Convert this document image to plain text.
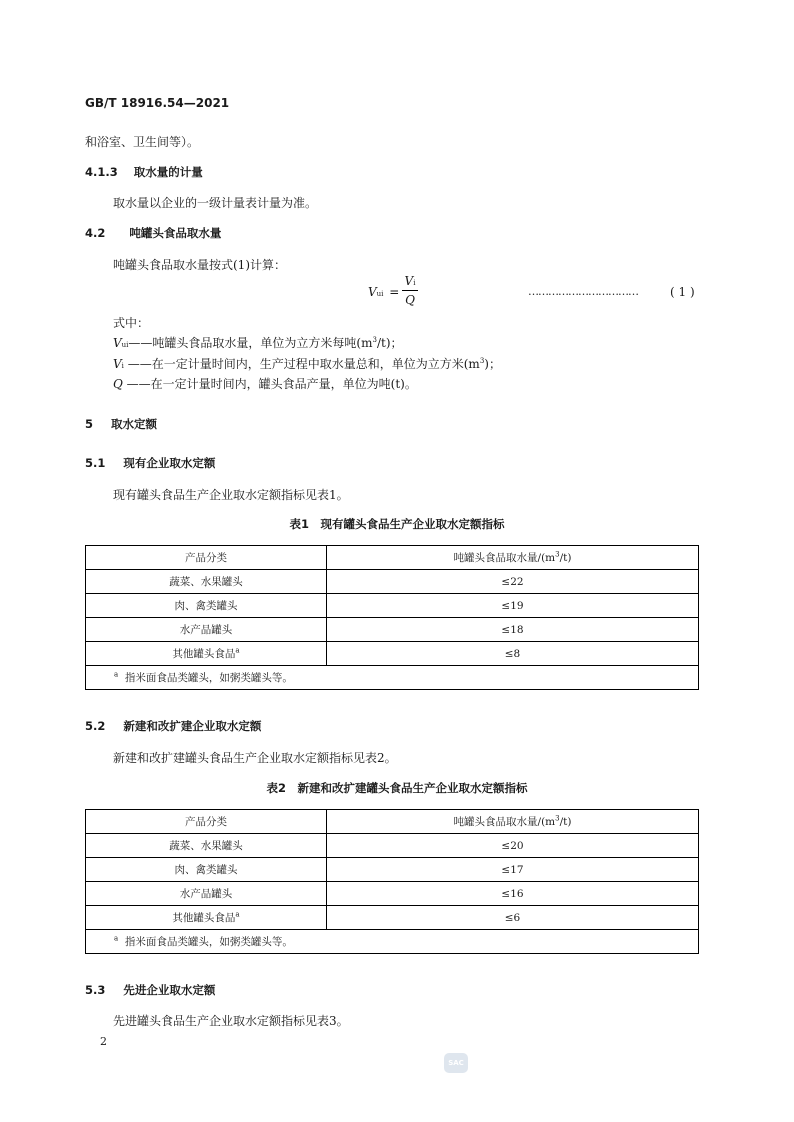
GB/T 18916.54—2021
和浴室、卫生间等）。
4.1.3 取水量的计量
取水量以企业的一级计量表计量为准。
4.2 吨罐头食品取水量
吨罐头食品取水量按式(1)计算：
Vui =
Vi
Q
……………………………	( 1 )
式中：
Vui——吨罐头食品取水量，单位为立方米每吨$(m^3/t)$；
Vi ——在一定计量时间内，生产过程中取水量总和，单位为立方米$(m^3)$；
Q ——在一定计量时间内，罐头食品产量，单位为吨(t)。
5 取水定额
5.1 现有企业取水定额
现有罐头食品生产企业取水定额指标见表1。
表1　现有罐头食品生产企业取水定额指标
产品分类	吨罐头食品取水量$/(m^3/t)$
蔬菜、水果罐头	≤22
肉、禽类罐头	≤19
水产品罐头	≤18
其他罐头食品$^a$	≤8
$^a$ 指米面食品类罐头，如粥类罐头等。	
5.2 新建和改扩建企业取水定额
新建和改扩建罐头食品生产企业取水定额指标见表2。
表2　新建和改扩建罐头食品生产企业取水定额指标
产品分类	吨罐头食品取水量$/(m^3/t)$
蔬菜、水果罐头	≤20
肉、禽类罐头	≤17
水产品罐头	≤16
其他罐头食品$^a$	≤6
$^a$ 指米面食品类罐头，如粥类罐头等。	
5.3 先进企业取水定额
先进罐头食品生产企业取水定额指标见表3。
2
SAC
